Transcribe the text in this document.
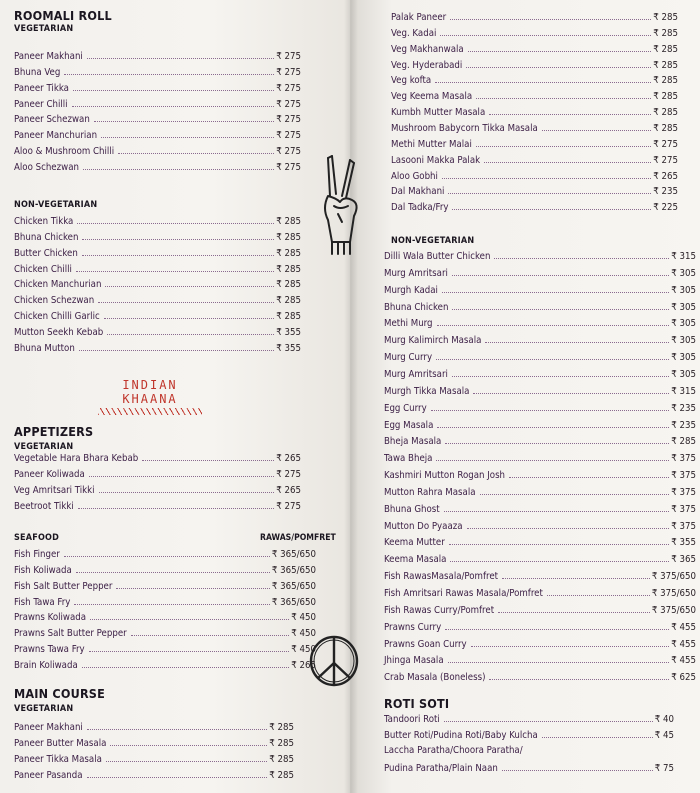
ROOMALI ROLL
VEGETARIAN
NON-VEGETARIAN
INDIAN KHAANA
APPETIZERS
VEGETARIAN
SEAFOOD	RAWAS/POMFRET
MAIN COURSE
VEGETARIAN
NON-VEGETARIAN
ROTI SOTI
Laccha Paratha/Choora Paratha/
Pudina Paratha/Plain Naan	₹ 75
Paneer Makhani	₹ 275
Bhuna Veg	₹ 275
Paneer Tikka	₹ 275
Paneer Chilli	₹ 275
Paneer Schezwan	₹ 275
Paneer Manchurian	₹ 275
Aloo & Mushroom Chilli	₹ 275
Aloo Schezwan	₹ 275
Chicken Tikka	₹ 285
Bhuna Chicken	₹ 285
Butter Chicken	₹ 285
Chicken Chilli	₹ 285
Chicken Manchurian	₹ 285
Chicken Schezwan	₹ 285
Chicken Chilli Garlic	₹ 285
Mutton Seekh Kebab	₹ 355
Bhuna Mutton	₹ 355
Vegetable Hara Bhara Kebab	₹ 265
Paneer Koliwada	₹ 275
Veg Amritsari Tikki	₹ 265
Beetroot Tikki	₹ 275
Fish Finger	₹ 365/650
Fish Koliwada	₹ 365/650
Fish Salt Butter Pepper	₹ 365/650
Fish Tawa Fry	₹ 365/650
Prawns Koliwada	₹ 450
Prawns Salt Butter Pepper	₹ 450
Prawns Tawa Fry	₹ 450
Brain Koliwada	₹ 265
Paneer Makhani	₹ 285
Paneer Butter Masala	₹ 285
Paneer Tikka Masala	₹ 285
Paneer Pasanda	₹ 285
Palak Paneer	₹ 285
Veg. Kadai	₹ 285
Veg Makhanwala	₹ 285
Veg. Hyderabadi	₹ 285
Veg kofta	₹ 285
Veg Keema Masala	₹ 285
Kumbh Mutter Masala	₹ 285
Mushroom Babycorn Tikka Masala	₹ 285
Methi Mutter Malai	₹ 275
Lasooni Makka Palak	₹ 275
Aloo Gobhi	₹ 265
Dal Makhani	₹ 235
Dal Tadka/Fry	₹ 225
Dilli Wala Butter Chicken	₹ 315
Murg Amritsari	₹ 305
Murgh Kadai	₹ 305
Bhuna Chicken	₹ 305
Methi Murg	₹ 305
Murg Kalimirch Masala	₹ 305
Murg Curry	₹ 305
Murg Amritsari	₹ 305
Murgh Tikka Masala	₹ 315
Egg Curry	₹ 235
Egg Masala	₹ 235
Bheja Masala	₹ 285
Tawa Bheja	₹ 375
Kashmiri Mutton Rogan Josh	₹ 375
Mutton Rahra Masala	₹ 375
Bhuna Ghost	₹ 375
Mutton Do Pyaaza	₹ 375
Keema Mutter	₹ 355
Keema Masala	₹ 365
Fish RawasMasala/Pomfret	₹ 375/650
Fish Amritsari Rawas Masala/Pomfret	₹ 375/650
Fish Rawas Curry/Pomfret	₹ 375/650
Prawns Curry	₹ 455
Prawns Goan Curry	₹ 455
Jhinga Masala	₹ 455
Crab Masala (Boneless)	₹ 625
Tandoori Roti	₹ 40
Butter Roti/Pudina Roti/Baby Kulcha	₹ 45
